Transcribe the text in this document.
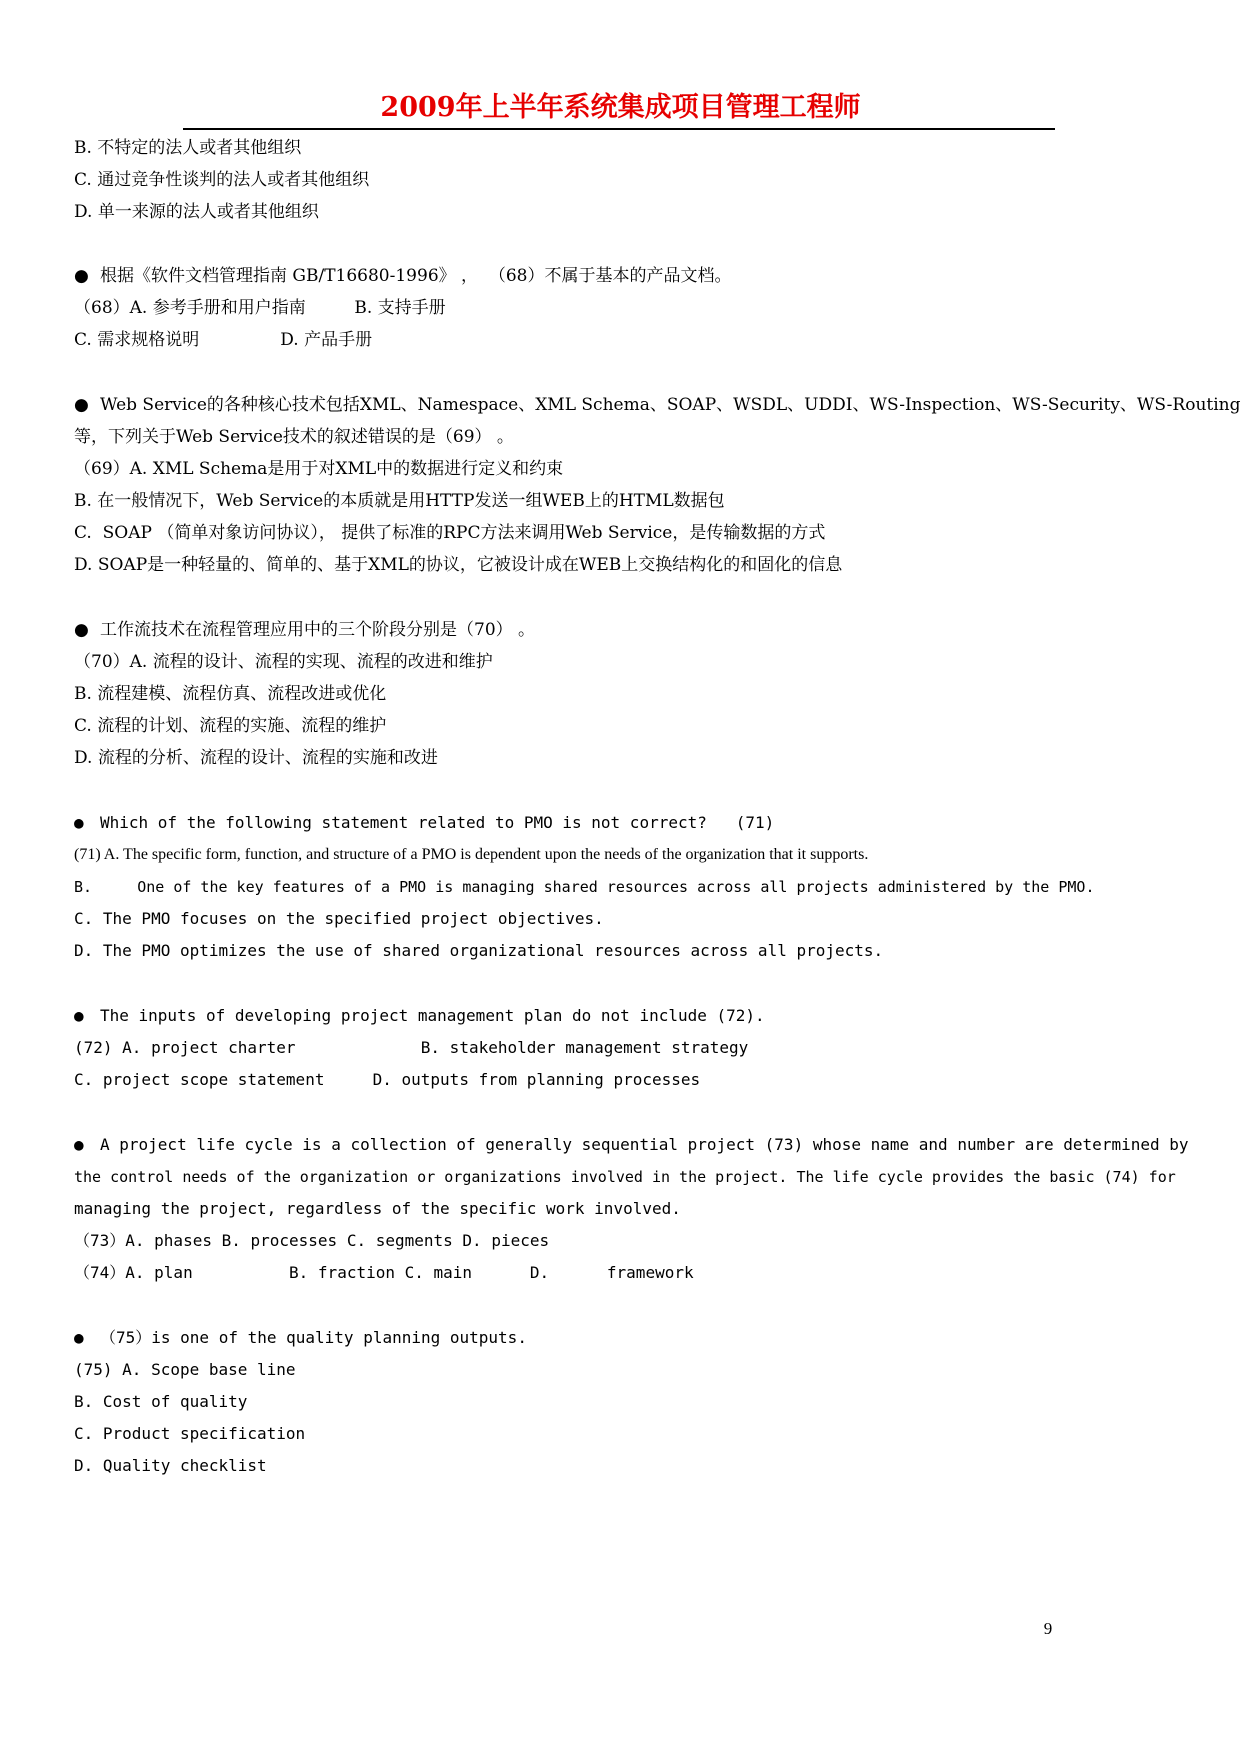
2009年上半年系统集成项目管理工程师
B. 不特定的法人或者其他组织
C. 通过竞争性谈判的法人或者其他组织
D. 单一来源的法人或者其他组织
● 根据《软件文档管理指南 GB/T16680-1996》 ，  （68）不属于基本的产品文档。
（68）A. 参考手册和用户指南         B. 支持手册
C. 需求规格说明               D. 产品手册
● Web Service的各种核心技术包括XML、Namespace、XML Schema、SOAP、WSDL、UDDI、WS-Inspection、WS-Security、WS-Routing
等，下列关于Web Service技术的叙述错误的是（69） 。
（69）A. XML Schema是用于对XML中的数据进行定义和约束
B. 在一般情况下，Web Service的本质就是用HTTP发送一组WEB上的HTML数据包
C.  SOAP （简单对象访问协议）， 提供了标准的RPC方法来调用Web Service，是传输数据的方式
D. SOAP是一种轻量的、简单的、基于XML的协议，它被设计成在WEB上交换结构化的和固化的信息
● 工作流技术在流程管理应用中的三个阶段分别是（70） 。
（70）A. 流程的设计、流程的实现、流程的改进和维护
B. 流程建模、流程仿真、流程改进或优化
C. 流程的计划、流程的实施、流程的维护
D. 流程的分析、流程的设计、流程的实施和改进
● Which of the following statement related to PMO is not correct?   (71)
(71) A. The specific form, function, and structure of a PMO is dependent upon the needs of the organization that it supports.
B.     One of the key features of a PMO is managing shared resources across all projects administered by the PMO.
C. The PMO focuses on the specified project objectives.
D. The PMO optimizes the use of shared organizational resources across all projects.
● The inputs of developing project management plan do not include (72).
(72) A. project charter             B. stakeholder management strategy
C. project scope statement     D. outputs from planning processes
● A project life cycle is a collection of generally sequential project (73) whose name and number are determined by
the control needs of the organization or organizations involved in the project. The life cycle provides the basic (74) for
managing the project, regardless of the specific work involved.
（73）A. phases B. processes C. segments D. pieces
（74）A. plan          B. fraction C. main      D.      framework
● （75）is one of the quality planning outputs.
(75) A. Scope base line
B. Cost of quality
C. Product specification
D. Quality checklist
9
